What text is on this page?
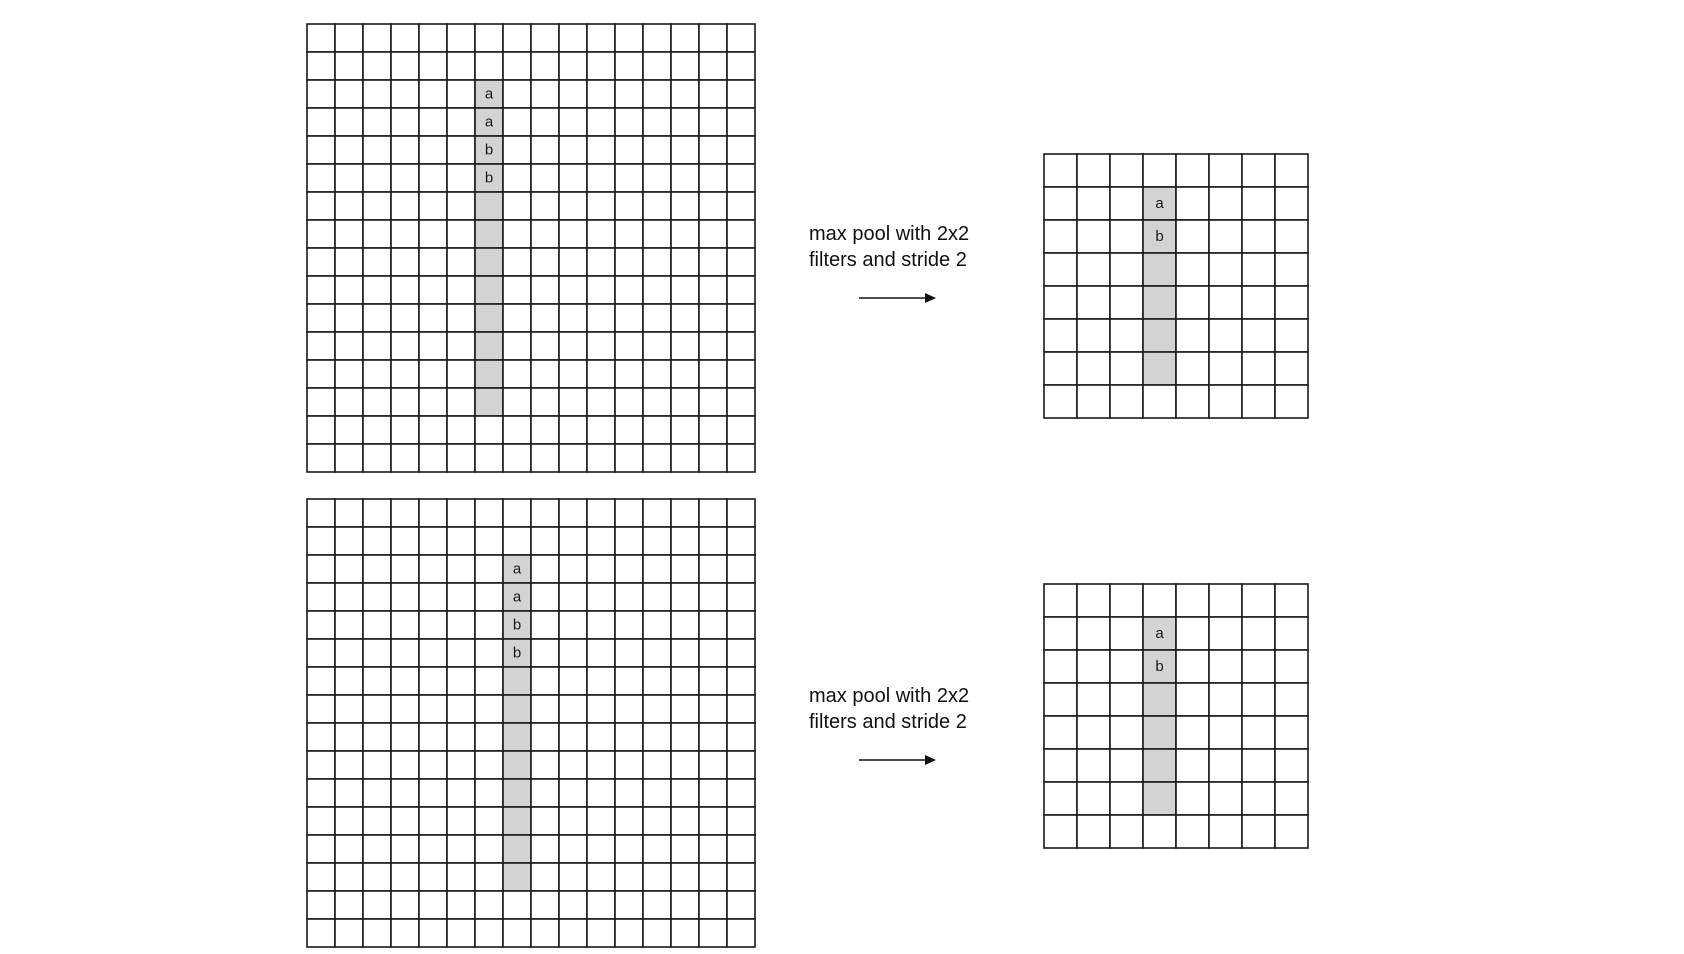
a
a
b
b
max pool with 2x2
filters and stride 2
a
b
a
a
b
b
max pool with 2x2
filters and stride 2
a
b
